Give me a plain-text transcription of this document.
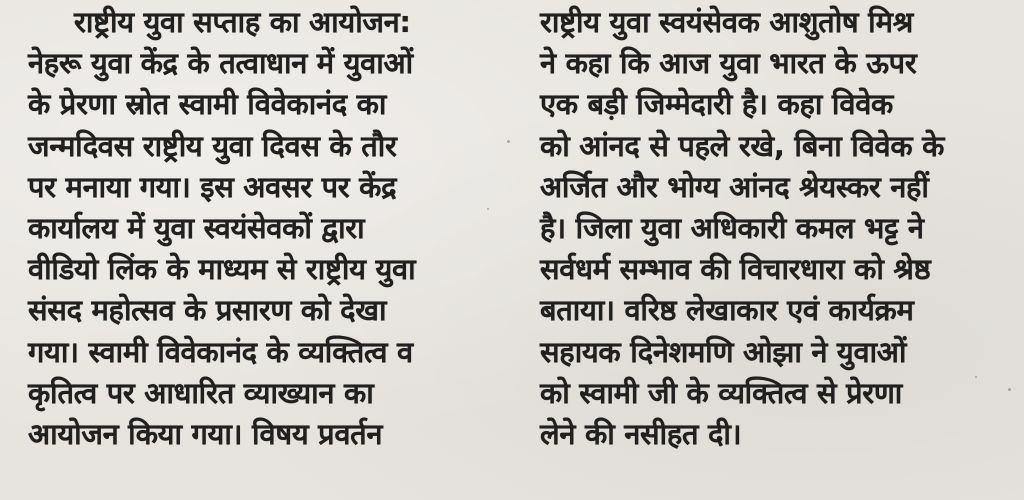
राष्ट्रीय युवा सप्ताह का आयोजन:
नेहरू युवा केंद्र के तत्वाधान में युवाओं
के प्रेरणा स्रोत स्वामी विवेकानंद का
जन्मदिवस राष्ट्रीय युवा दिवस के तौर
पर मनाया गया। इस अवसर पर केंद्र
कार्यालय में युवा स्वयंसेवकों द्वारा
वीडियो लिंक के माध्यम से राष्ट्रीय युवा
संसद महोत्सव के प्रसारण को देखा
गया। स्वामी विवेकानंद के व्यक्तित्व व
कृतित्व पर आधारित व्याख्यान का
आयोजन किया गया। विषय प्रवर्तन
राष्ट्रीय युवा स्वयंसेवक आशुतोष मिश्र
ने कहा कि आज युवा भारत के ऊपर
एक बड़ी जिम्मेदारी है। कहा विवेक
को आंनद से पहले रखे, बिना विवेक के
अर्जित और भोग्य आंनद श्रेयस्कर नहीं
है। जिला युवा अधिकारी कमल भट्ट ने
सर्वधर्म सम्भाव की विचारधारा को श्रेष्ठ
बताया। वरिष्ठ लेखाकार एवं कार्यक्रम
सहायक दिनेशमणि ओझा ने युवाओं
को स्वामी जी के व्यक्तित्व से प्रेरणा
लेने की नसीहत दी।
